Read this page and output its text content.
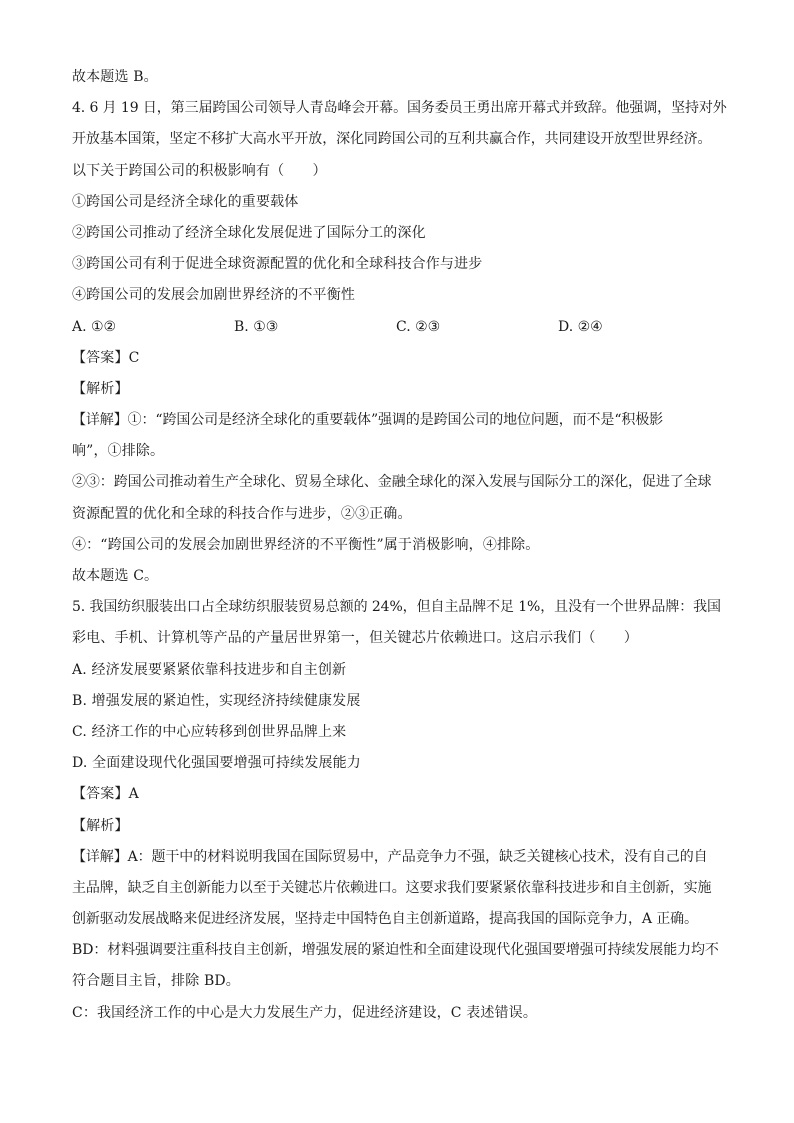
故本题选 B。
4. 6 月 19 日，第三届跨国公司领导人青岛峰会开幕。国务委员王勇出席开幕式并致辞。他强调，坚持对外
开放基本国策，坚定不移扩大高水平开放，深化同跨国公司的互利共赢合作，共同建设开放型世界经济。
以下关于跨国公司的积极影响有（　　）
①跨国公司是经济全球化的重要载体
②跨国公司推动了经济全球化发展促进了国际分工的深化
③跨国公司有利于促进全球资源配置的优化和全球科技合作与进步
④跨国公司的发展会加剧世界经济的不平衡性
A. ①②	B. ①③	C. ②③	D. ②④
【答案】C
【解析】
【详解】①：“跨国公司是经济全球化的重要载体”强调的是跨国公司的地位问题，而不是“积极影
响”，①排除。
②③：跨国公司推动着生产全球化、贸易全球化、金融全球化的深入发展与国际分工的深化，促进了全球
资源配置的优化和全球的科技合作与进步，②③正确。
④：“跨国公司的发展会加剧世界经济的不平衡性”属于消极影响，④排除。
故本题选 C。
5. 我国纺织服装出口占全球纺织服装贸易总额的 24%，但自主品牌不足 1%，且没有一个世界品牌：我国
彩电、手机、计算机等产品的产量居世界第一，但关键芯片依赖进口。这启示我们（　　）
A. 经济发展要紧紧依靠科技进步和自主创新
B. 增强发展的紧迫性，实现经济持续健康发展
C. 经济工作的中心应转移到创世界品牌上来
D. 全面建设现代化强国要增强可持续发展能力
【答案】A
【解析】
【详解】A：题干中的材料说明我国在国际贸易中，产品竞争力不强，缺乏关键核心技术，没有自己的自
主品牌，缺乏自主创新能力以至于关键芯片依赖进口。这要求我们要紧紧依靠科技进步和自主创新，实施
创新驱动发展战略来促进经济发展，坚持走中国特色自主创新道路，提高我国的国际竞争力，A 正确。
BD：材料强调要注重科技自主创新，增强发展的紧迫性和全面建设现代化强国要增强可持续发展能力均不
符合题目主旨，排除 BD。
C：我国经济工作的中心是大力发展生产力，促进经济建设，C 表述错误。
